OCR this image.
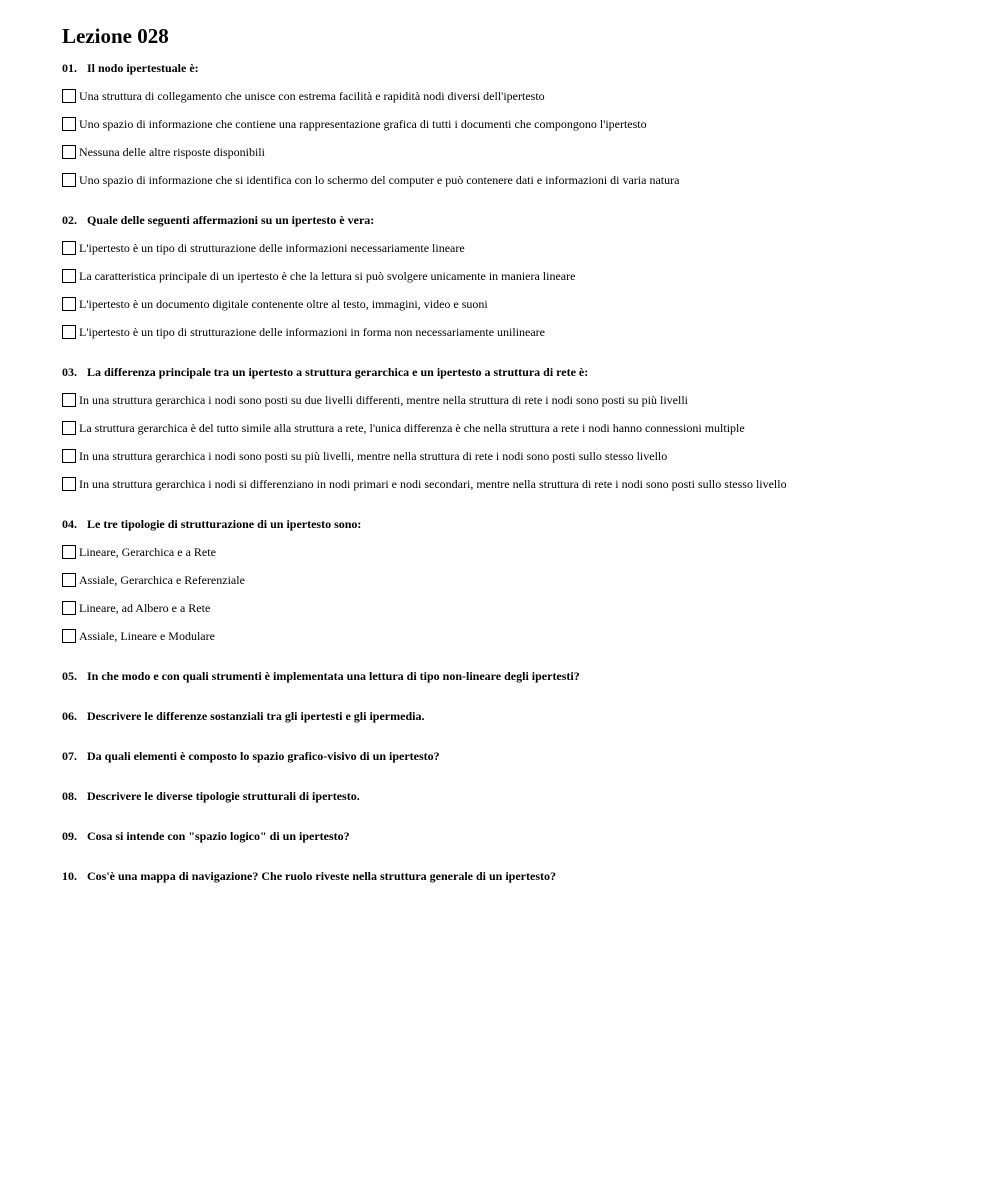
Lezione 028
01. Il nodo ipertestuale è:
Una struttura di collegamento che unisce con estrema facilità e rapidità nodi diversi dell'ipertesto
Uno spazio di informazione che contiene una rappresentazione grafica di tutti i documenti che compongono l'ipertesto
Nessuna delle altre risposte disponibili
Uno spazio di informazione che si identifica con lo schermo del computer e può contenere dati e informazioni di varia natura
02. Quale delle seguenti affermazioni su un ipertesto è vera:
L'ipertesto è un tipo di strutturazione delle informazioni necessariamente lineare
La caratteristica principale di un ipertesto è che la lettura si può svolgere unicamente in maniera lineare
L'ipertesto è un documento digitale contenente oltre al testo, immagini, video e suoni
L'ipertesto è un tipo di strutturazione delle informazioni in forma non necessariamente unilineare
03. La differenza principale tra un ipertesto a struttura gerarchica e un ipertesto a struttura di rete è:
In una struttura gerarchica i nodi sono posti su due livelli differenti, mentre nella struttura di rete i nodi sono posti su più livelli
La struttura gerarchica è del tutto simile alla struttura a rete, l'unica differenza è che nella struttura a rete i nodi hanno connessioni multiple
In una struttura gerarchica i nodi sono posti su più livelli, mentre nella struttura di rete i nodi sono posti sullo stesso livello
In una struttura gerarchica i nodi si differenziano in nodi primari e nodi secondari, mentre nella struttura di rete i nodi sono posti sullo stesso livello
04. Le tre tipologie di strutturazione di un ipertesto sono:
Lineare, Gerarchica e a Rete
Assiale, Gerarchica e Referenziale
Lineare, ad Albero e a Rete
Assiale, Lineare e Modulare
05. In che modo e con quali strumenti è implementata una lettura di tipo non-lineare degli ipertesti?
06. Descrivere le differenze sostanziali tra gli ipertesti e gli ipermedia.
07. Da quali elementi è composto lo spazio grafico-visivo di un ipertesto?
08. Descrivere le diverse tipologie strutturali di ipertesto.
09. Cosa si intende con "spazio logico" di un ipertesto?
10. Cos'è una mappa di navigazione? Che ruolo riveste nella struttura generale di un ipertesto?
